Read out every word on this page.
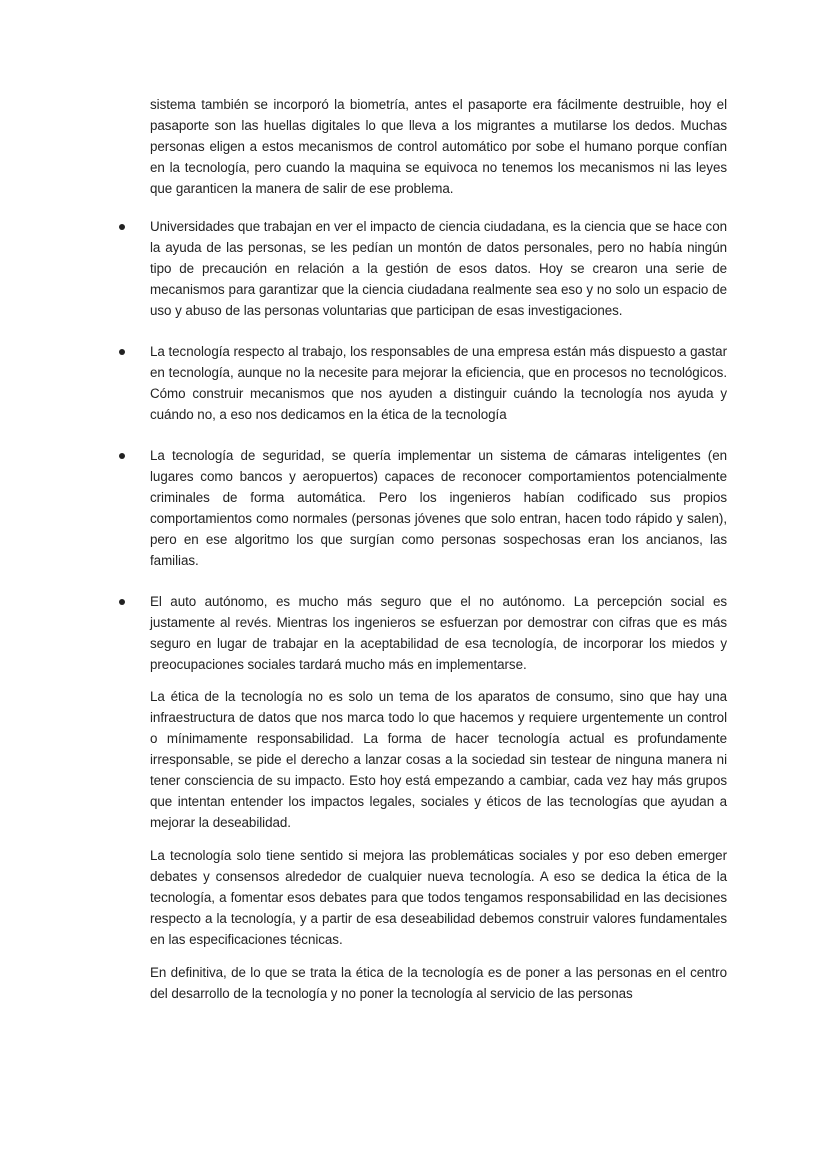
sistema también se incorporó la biometría, antes el pasaporte era fácilmente destruible, hoy el pasaporte son las huellas digitales lo que lleva a los migrantes a mutilarse los dedos. Muchas personas eligen a estos mecanismos de control automático por sobe el humano porque confían en la tecnología, pero cuando la maquina se equivoca no tenemos los mecanismos ni las leyes que garanticen la manera de salir de ese problema.

Universidades que trabajan en ver el impacto de ciencia ciudadana, es la ciencia que se hace con la ayuda de las personas, se les pedían un montón de datos personales, pero no había ningún tipo de precaución en relación a la gestión de esos datos. Hoy se crearon una serie de mecanismos para garantizar que la ciencia ciudadana realmente sea eso y no solo un espacio de uso y abuso de las personas voluntarias que participan de esas investigaciones.

La tecnología respecto al trabajo, los responsables de una empresa están más dispuesto a gastar en tecnología, aunque no la necesite para mejorar la eficiencia, que en procesos no tecnológicos. Cómo construir mecanismos que nos ayuden a distinguir cuándo la tecnología nos ayuda y cuándo no, a eso nos dedicamos en la ética de la tecnología

La tecnología de seguridad, se quería implementar un sistema de cámaras inteligentes (en lugares como bancos y aeropuertos) capaces de reconocer comportamientos potencialmente criminales de forma automática. Pero los ingenieros habían codificado sus propios comportamientos como normales (personas jóvenes que solo entran, hacen todo rápido y salen), pero en ese algoritmo los que surgían como personas sospechosas eran los ancianos, las familias.

El auto autónomo, es mucho más seguro que el no autónomo. La percepción social es justamente al revés. Mientras los ingenieros se esfuerzan por demostrar con cifras que es más seguro en lugar de trabajar en la aceptabilidad de esa tecnología, de incorporar los miedos y preocupaciones sociales tardará mucho más en implementarse.

La ética de la tecnología no es solo un tema de los aparatos de consumo, sino que hay una infraestructura de datos que nos marca todo lo que hacemos y requiere urgentemente un control o mínimamente responsabilidad. La forma de hacer tecnología actual es profundamente irresponsable, se pide el derecho a lanzar cosas a la sociedad sin testear de ninguna manera ni tener consciencia de su impacto. Esto hoy está empezando a cambiar, cada vez hay más grupos que intentan entender los impactos legales, sociales y éticos de las tecnologías que ayudan a mejorar la deseabilidad.

La tecnología solo tiene sentido si mejora las problemáticas sociales y por eso deben emerger debates y consensos alrededor de cualquier nueva tecnología. A eso se dedica la ética de la tecnología, a fomentar esos debates para que todos tengamos responsabilidad en las decisiones respecto a la tecnología, y a partir de esa deseabilidad debemos construir valores fundamentales en las especificaciones técnicas.

En definitiva, de lo que se trata la ética de la tecnología es de poner a las personas en el centro del desarrollo de la tecnología y no poner la tecnología al servicio de las personas
